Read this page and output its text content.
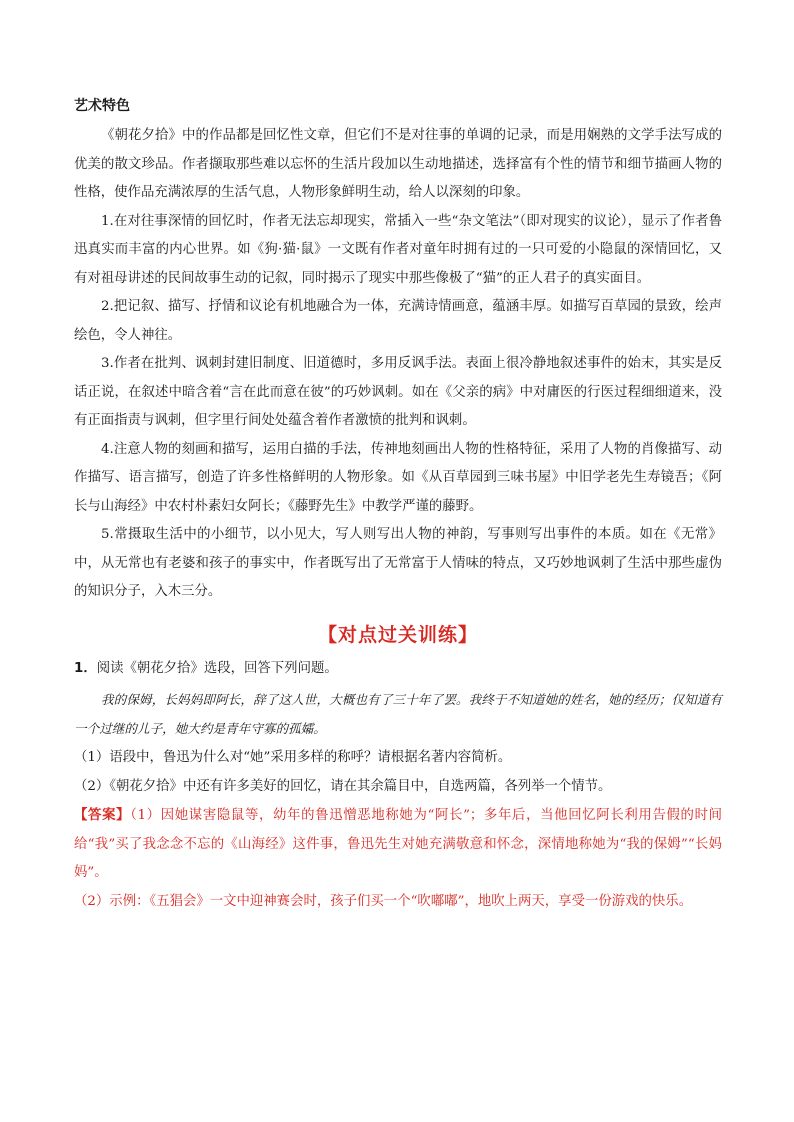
艺术特色

《朝花夕拾》中的作品都是回忆性文章，但它们不是对往事的单调的记录，而是用娴熟的文学手法写成的优美的散文珍品。作者撷取那些难以忘怀的生活片段加以生动地描述，选择富有个性的情节和细节描画人物的性格，使作品充满浓厚的生活气息，人物形象鲜明生动，给人以深刻的印象。

1.在对往事深情的回忆时，作者无法忘却现实，常插入一些“杂文笔法”（即对现实的议论），显示了作者鲁迅真实而丰富的内心世界。如《狗·猫·鼠》一文既有作者对童年时拥有过的一只可爱的小隐鼠的深情回忆，又有对祖母讲述的民间故事生动的记叙，同时揭示了现实中那些像极了“猫”的正人君子的真实面目。

2.把记叙、描写、抒情和议论有机地融合为一体，充满诗情画意，蕴涵丰厚。如描写百草园的景致，绘声绘色，令人神往。

3.作者在批判、讽刺封建旧制度、旧道德时，多用反讽手法。表面上很冷静地叙述事件的始末，其实是反话正说，在叙述中暗含着“言在此而意在彼”的巧妙讽刺。如在《父亲的病》中对庸医的行医过程细细道来，没有正面指责与讽刺，但字里行间处处蕴含着作者激愤的批判和讽刺。

4.注意人物的刻画和描写，运用白描的手法，传神地刻画出人物的性格特征，采用了人物的肖像描写、动作描写、语言描写，创造了许多性格鲜明的人物形象。如《从百草园到三味书屋》中旧学老先生寿镜吾；《阿长与山海经》中农村朴素妇女阿长；《藤野先生》中教学严谨的藤野。

5.常摄取生活中的小细节，以小见大，写人则写出人物的神韵，写事则写出事件的本质。如在《无常》中，从无常也有老婆和孩子的事实中，作者既写出了无常富于人情味的特点，又巧妙地讽刺了生活中那些虚伪的知识分子，入木三分。

【对点过关训练】

1．阅读《朝花夕拾》选段，回答下列问题。

我的保姆，长妈妈即阿长，辞了这人世，大概也有了三十年了罢。我终于不知道她的姓名，她的经历；仅知道有一个过继的儿子，她大约是青年守寡的孤孀。

（1）语段中，鲁迅为什么对“她”采用多样的称呼？请根据名著内容简析。

（2）《朝花夕拾》中还有许多美好的回忆，请在其余篇目中，自选两篇，各列举一个情节。

【答案】（1）因她谋害隐鼠等，幼年的鲁迅憎恶地称她为“阿长”；多年后，当他回忆阿长利用告假的时间给“我”买了我念念不忘的《山海经》这件事，鲁迅先生对她充满敬意和怀念，深情地称她为“我的保姆”“长妈妈”。

（2）示例：《五猖会》一文中迎神赛会时，孩子们买一个“吹嘟嘟”，地吹上两天，享受一份游戏的快乐。
